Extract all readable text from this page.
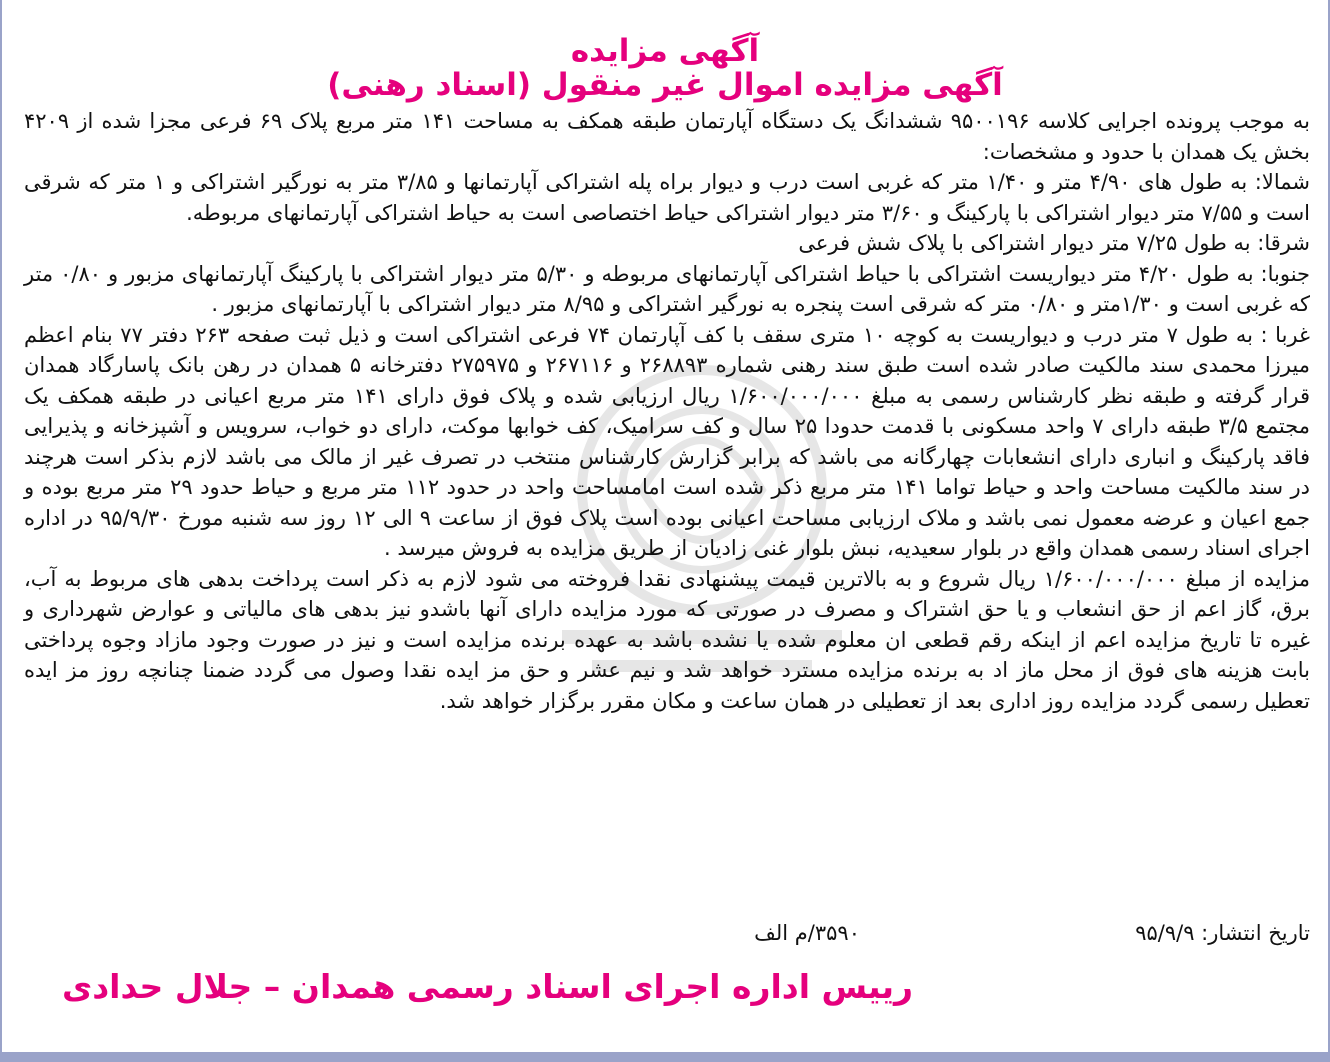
آگهی مزایده
آگهی مزایده اموال غیر منقول (اسناد رهنی)

به موجب پرونده اجرایی کلاسه ۹۵۰۰۱۹۶ ششدانگ یک دستگاه آپارتمان طبقه همکف به مساحت ۱۴۱ متر مربع پلاک ۶۹ فرعی مجزا شده از ۴۲۰۹ بخش یک همدان با حدود و مشخصات:

شمالا: به طول های ۴/۹۰ متر و ۱/۴۰ متر که غربی است درب و دیوار براه پله اشتراکی آپارتمانها و ۳/۸۵ متر به نورگیر اشتراکی و ۱ متر که شرقی است و ۷/۵۵ متر دیوار اشتراکی با پارکینگ و ۳/۶۰ متر دیوار اشتراکی حیاط اختصاصی است به حیاط اشتراکی آپارتمانهای مربوطه.

شرقا: به طول ۷/۲۵ متر دیوار اشتراکی با پلاک شش فرعی

جنوبا: به طول ۴/۲۰ متر دیواریست اشتراکی با حیاط اشتراکی آپارتمانهای مربوطه و ۵/۳۰ متر دیوار اشتراکی با پارکینگ آپارتمانهای مزبور و ۰/۸۰ متر که غربی است و ۱/۳۰متر و ۰/۸۰ متر که شرقی است پنجره به نورگیر اشتراکی و ۸/۹۵ متر دیوار اشتراکی با آپارتمانهای مزبور .

غربا : به طول ۷ متر درب و دیواریست به کوچه ۱۰ متری سقف با کف آپارتمان ۷۴ فرعی اشتراکی است و ذیل ثبت صفحه ۲۶۳ دفتر ۷۷ بنام اعظم میرزا محمدی سند مالکیت صادر شده است طبق سند رهنی شماره ۲۶۸۸۹۳ و ۲۶۷۱۱۶ و ۲۷۵۹۷۵ دفترخانه ۵ همدان در رهن بانک پاسارگاد همدان قرار گرفته و طبقه نظر کارشناس رسمی به مبلغ ۱/۶۰۰/۰۰۰/۰۰۰ ریال ارزیابی شده و پلاک فوق دارای ۱۴۱ متر مربع اعیانی در طبقه همکف یک مجتمع ۳/۵ طبقه دارای ۷ واحد مسکونی با قدمت حدودا ۲۵ سال و کف سرامیک، کف خوابها موکت، دارای دو خواب، سرویس و آشپزخانه و پذیرایی فاقد پارکینگ و انباری دارای انشعابات چهارگانه می باشد که برابر گزارش کارشناس منتخب در تصرف غیر از مالک می باشد لازم بذکر است هرچند در سند مالکیت مساحت واحد و حیاط تواما ۱۴۱ متر مربع ذکر شده است امامساحت واحد در حدود ۱۱۲ متر مربع و حیاط حدود ۲۹ متر مربع بوده و جمع اعیان و عرضه معمول نمی باشد و ملاک ارزیابی مساحت اعیانی بوده است پلاک فوق از ساعت ۹ الی ۱۲ روز سه شنبه مورخ ۹۵/۹/۳۰ در اداره اجرای اسناد رسمی همدان واقع در بلوار سعیدیه، نبش بلوار غنی زادیان از طریق مزایده به فروش میرسد .

مزایده از مبلغ ۱/۶۰۰/۰۰۰/۰۰۰ ریال شروع و به بالاترین قیمت پیشنهادی نقدا فروخته می شود لازم به ذکر است پرداخت بدهی های مربوط به آب، برق، گاز اعم از حق انشعاب و یا حق اشتراک و مصرف در صورتی که مورد مزایده دارای آنها باشدو نیز بدهی های مالیاتی و عوارض شهرداری و غیره تا تاریخ مزایده اعم از اینکه رقم قطعی ان معلوم شده یا نشده باشد به عهده برنده مزایده است و نیز در صورت وجود مازاد وجوه پرداختی بابت هزینه های فوق از محل ماز اد به برنده مزایده مسترد خواهد شد و نیم عشر و حق مز ایده نقدا وصول می گردد ضمنا چنانچه روز مز ایده تعطیل رسمی گردد مزایده روز اداری بعد از تعطیلی در همان ساعت و مکان مقرر برگزار خواهد شد.

تاریخ انتشار: ۹۵/۹/۹
۳۵۹۰/م الف
رییس اداره اجرای اسناد رسمی همدان – جلال حدادی
